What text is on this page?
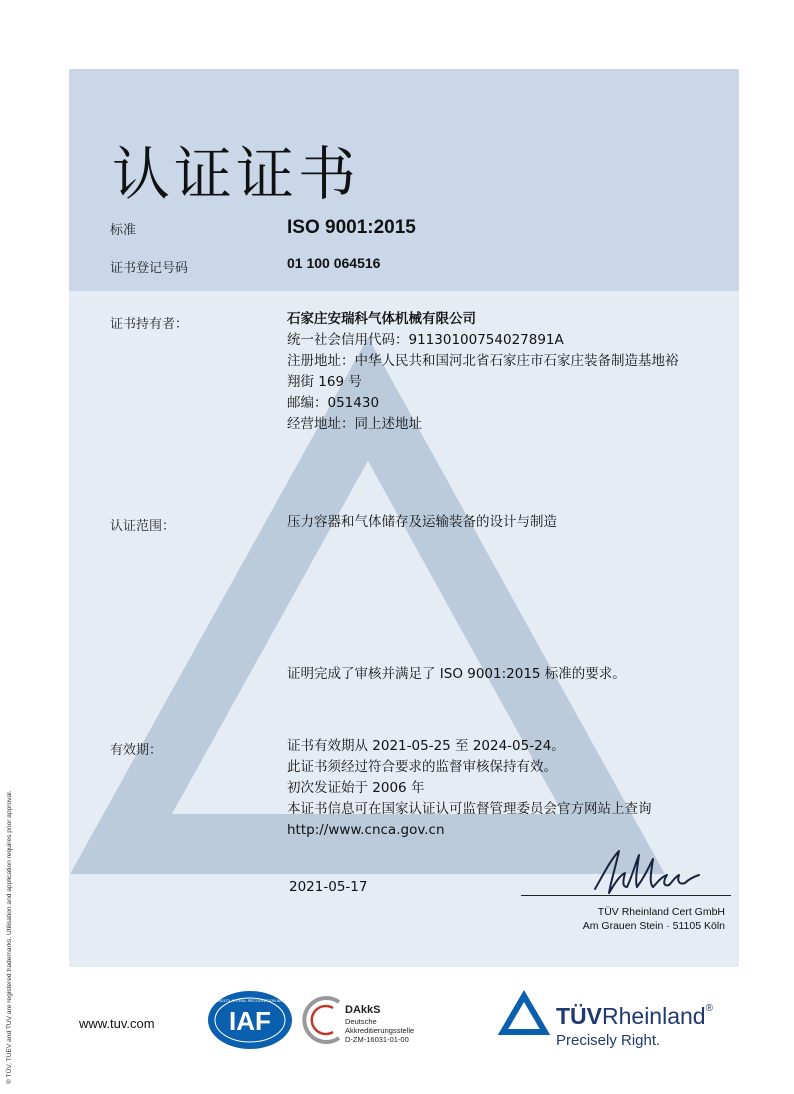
认证证书
标准	ISO 9001:2015
证书登记号码	01 100 064516
证书持有者：	石家庄安瑞科气体机械有限公司
统一社会信用代码：91130100754027891A
注册地址：中华人民共和国河北省石家庄市石家庄装备制造基地裕
翔街 169 号
邮编：051430
经营地址：同上述地址
认证范围：	压力容器和气体储存及运输装备的设计与制造
证明完成了审核并满足了 ISO 9001:2015 标准的要求。
有效期：	证书有效期从 2021-05-25 至 2024-05-24。
此证书须经过符合要求的监督审核保持有效。
初次发证始于 2006 年
本证书信息可在国家认证认可监督管理委员会官方网站上查询
http://www.cnca.gov.cn
2021-05-17
TÜV Rheinland Cert GmbH
Am Grauen Stein · 51105 Köln
® TÜV, TUEV and TUV are registered trademarks. Utilisation and application requires prior approval.	www.tuv.com	IAF
MEMBER OF MULTILATERAL RECOGNITION ARRANGEMENT
DAkkS
Deutsche
Akkreditierungsstelle
D-ZM-16031-01-00
TÜVRheinland®
Precisely Right.
